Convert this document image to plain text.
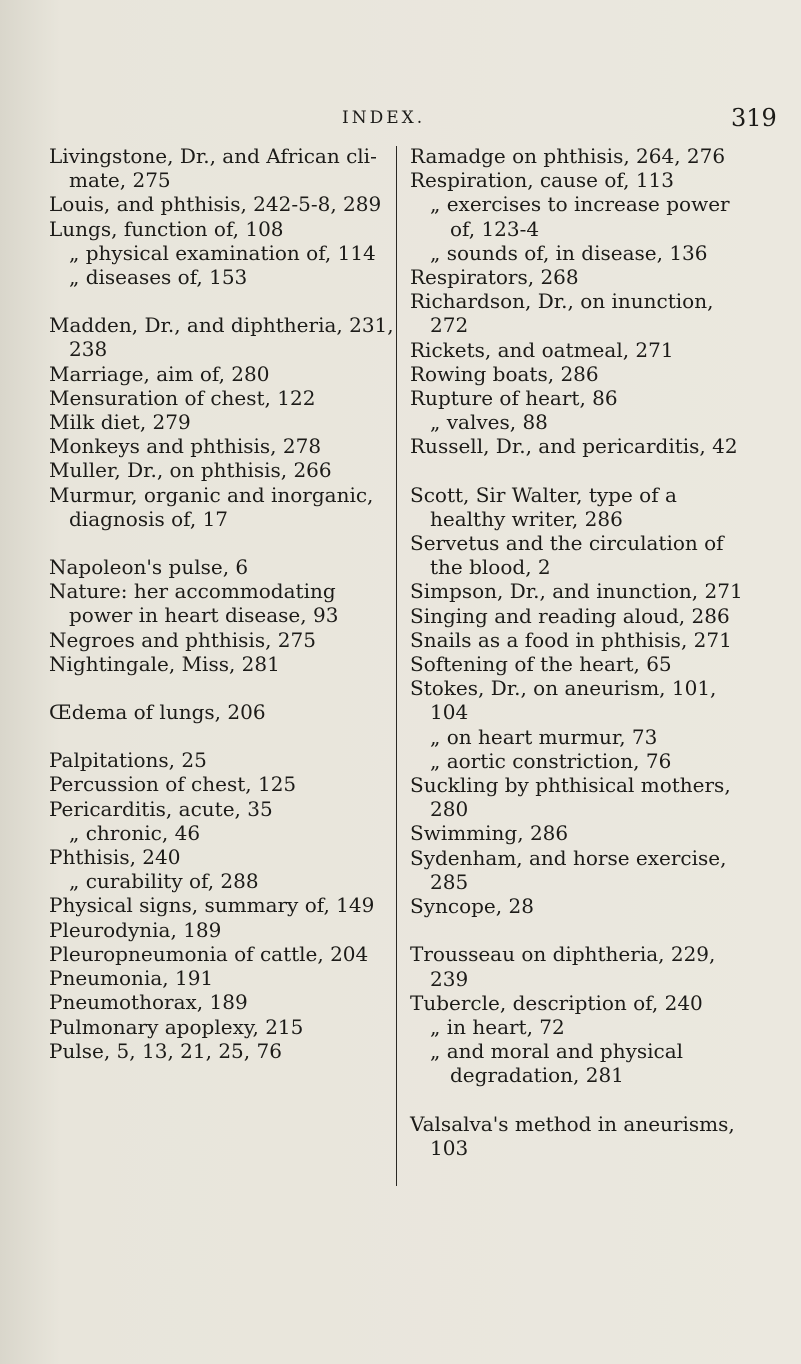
INDEX.	319
Livingstone, Dr., and African cli-mate, 275
Louis, and phthisis, 242-5-8, 289
Lungs, function of, 108
„ physical examination of, 114
„ diseases of, 153
Madden, Dr., and diphtheria, 231, 238
Marriage, aim of, 280
Mensuration of chest, 122
Milk diet, 279
Monkeys and phthisis, 278
Muller, Dr., on phthisis, 266
Murmur, organic and inorganic, diagnosis of, 17
Napoleon's pulse, 6
Nature: her accommodating power in heart disease, 93
Negroes and phthisis, 275
Nightingale, Miss, 281
Œdema of lungs, 206
Palpitations, 25
Percussion of chest, 125
Pericarditis, acute, 35
„ chronic, 46
Phthisis, 240
„ curability of, 288
Physical signs, summary of, 149
Pleurodynia, 189
Pleuropneumonia of cattle, 204
Pneumonia, 191
Pneumothorax, 189
Pulmonary apoplexy, 215
Pulse, 5, 13, 21, 25, 76
Ramadge on phthisis, 264, 276
Respiration, cause of, 113
„ exercises to increase power of, 123-4
„ sounds of, in disease, 136
Respirators, 268
Richardson, Dr., on inunction, 272
Rickets, and oatmeal, 271
Rowing boats, 286
Rupture of heart, 86
„ valves, 88
Russell, Dr., and pericarditis, 42
Scott, Sir Walter, type of a healthy writer, 286
Servetus and the circulation of the blood, 2
Simpson, Dr., and inunction, 271
Singing and reading aloud, 286
Snails as a food in phthisis, 271
Softening of the heart, 65
Stokes, Dr., on aneurism, 101, 104
„ on heart murmur, 73
„ aortic constriction, 76
Suckling by phthisical mothers, 280
Swimming, 286
Sydenham, and horse exercise, 285
Syncope, 28
Trousseau on diphtheria, 229, 239
Tubercle, description of, 240
„ in heart, 72
„ and moral and physical degradation, 281
Valsalva's method in aneurisms, 103
